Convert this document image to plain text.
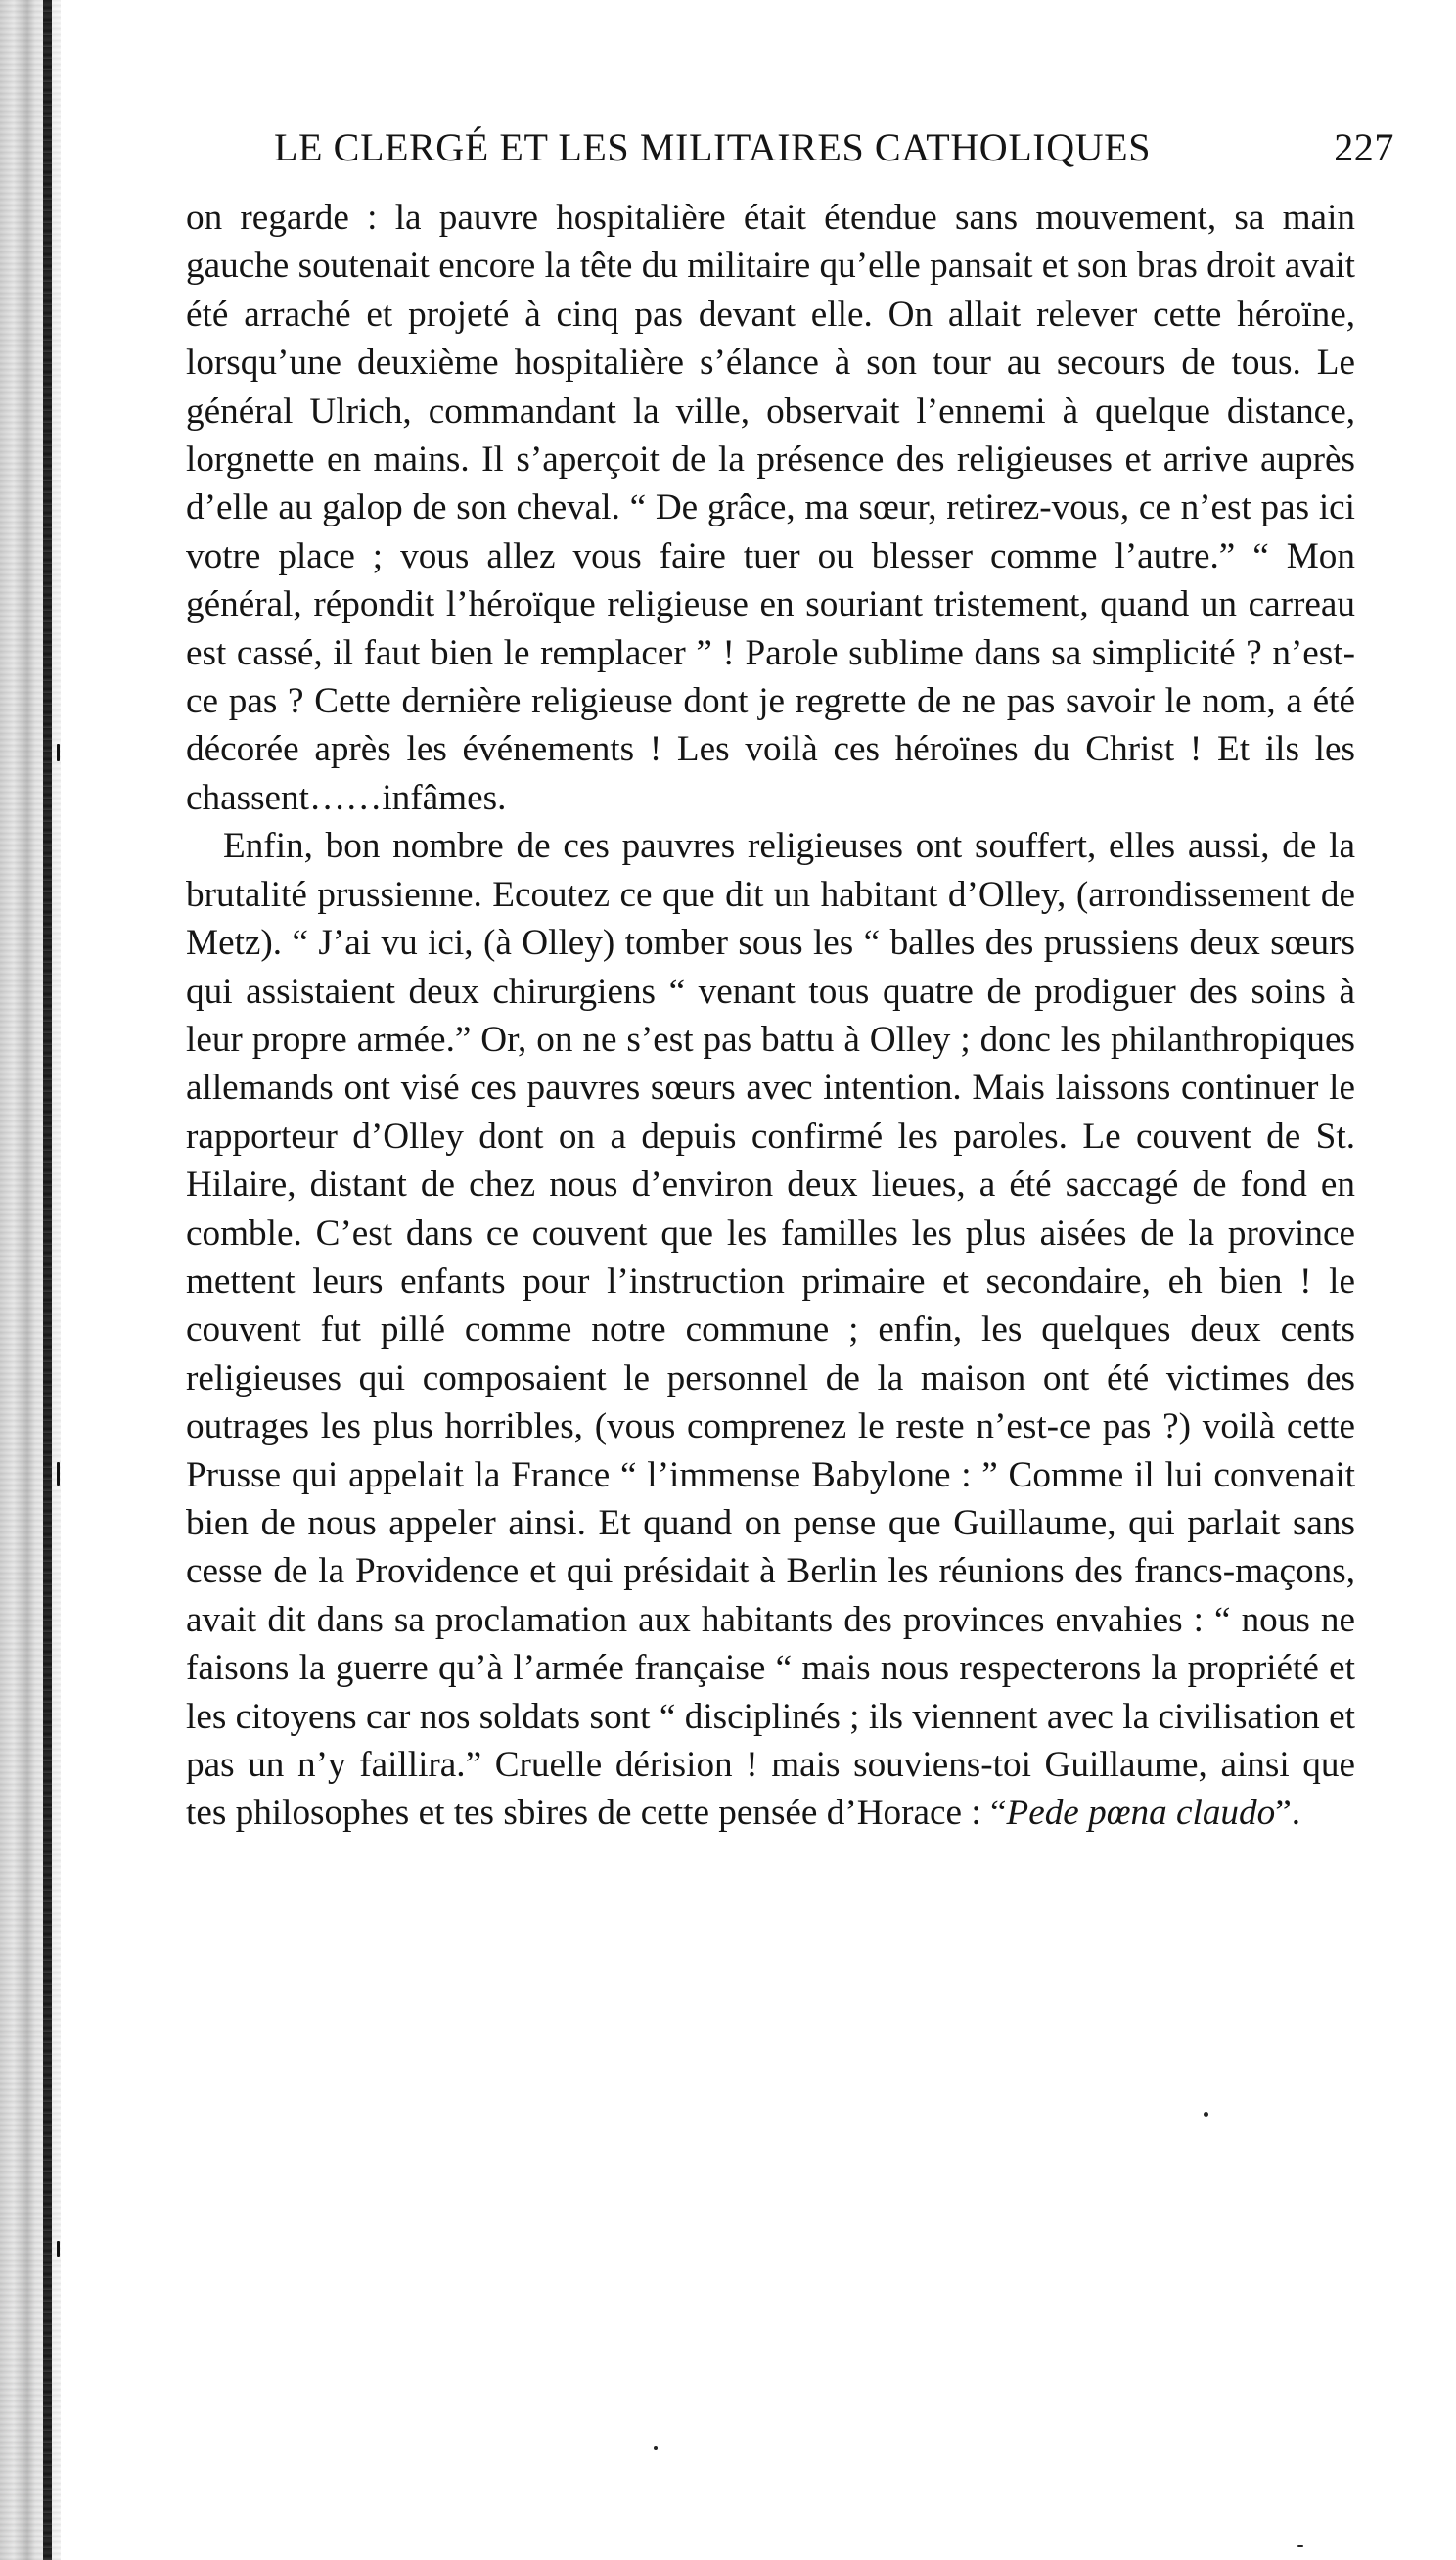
LE CLERGÉ ET LES MILITAIRES CATHOLIQUES	227

on regarde : la pauvre hospitalière était étendue sans mouvement, sa main gauche soutenait encore la tête du militaire qu’elle pansait et son bras droit avait été arraché et projeté à cinq pas devant elle. On allait relever cette héroïne, lorsqu’une deuxième hospitalière s’élance à son tour au secours de tous. Le général Ulrich, commandant la ville, observait l’ennemi à quelque distance, lorgnette en mains. Il s’aperçoit de la présence des religieuses et arrive auprès d’elle au galop de son cheval. “ De grâce, ma sœur, retirez-vous, ce n’est pas ici votre place ; vous allez vous faire tuer ou blesser comme l’autre.” “ Mon général, répondit l’héroïque religieuse en souriant tristement, quand un carreau est cassé, il faut bien le remplacer ” ! Parole sublime dans sa simplicité ? n’est-ce pas ? Cette dernière religieuse dont je regrette de ne pas savoir le nom, a été décorée après les événements ! Les voilà ces héroïnes du Christ ! Et ils les chassent……infâmes.

Enfin, bon nombre de ces pauvres religieuses ont souffert, elles aussi, de la brutalité prussienne. Ecoutez ce que dit un habitant d’Olley, (arrondissement de Metz). “ J’ai vu ici, (à Olley) tomber sous les “ balles des prussiens deux sœurs qui assistaient deux chirurgiens “ venant tous quatre de prodiguer des soins à leur propre armée.” Or, on ne s’est pas battu à Olley ; donc les philanthropiques allemands ont visé ces pauvres sœurs avec intention. Mais laissons continuer le rapporteur d’Olley dont on a depuis confirmé les paroles. Le couvent de St. Hilaire, distant de chez nous d’environ deux lieues, a été saccagé de fond en comble. C’est dans ce couvent que les familles les plus aisées de la province mettent leurs enfants pour l’instruction primaire et secondaire, eh bien ! le couvent fut pillé comme notre commune ; enfin, les quelques deux cents religieuses qui composaient le personnel de la maison ont été victimes des outrages les plus horribles, (vous comprenez le reste n’est-ce pas ?) voilà cette Prusse qui appelait la France “ l’immense Babylone : ” Comme il lui convenait bien de nous appeler ainsi. Et quand on pense que Guillaume, qui parlait sans cesse de la Providence et qui présidait à Berlin les réunions des francs-maçons, avait dit dans sa proclamation aux habitants des provinces envahies : “ nous ne faisons la guerre qu’à l’armée française “ mais nous respecterons la propriété et les citoyens car nos soldats sont “ disciplinés ; ils viennent avec la civilisation et pas un n’y faillira.” Cruelle dérision ! mais souviens-toi Guillaume, ainsi que tes philosophes et tes sbires de cette pensée d’Horace : “Pede pœna claudo”.
